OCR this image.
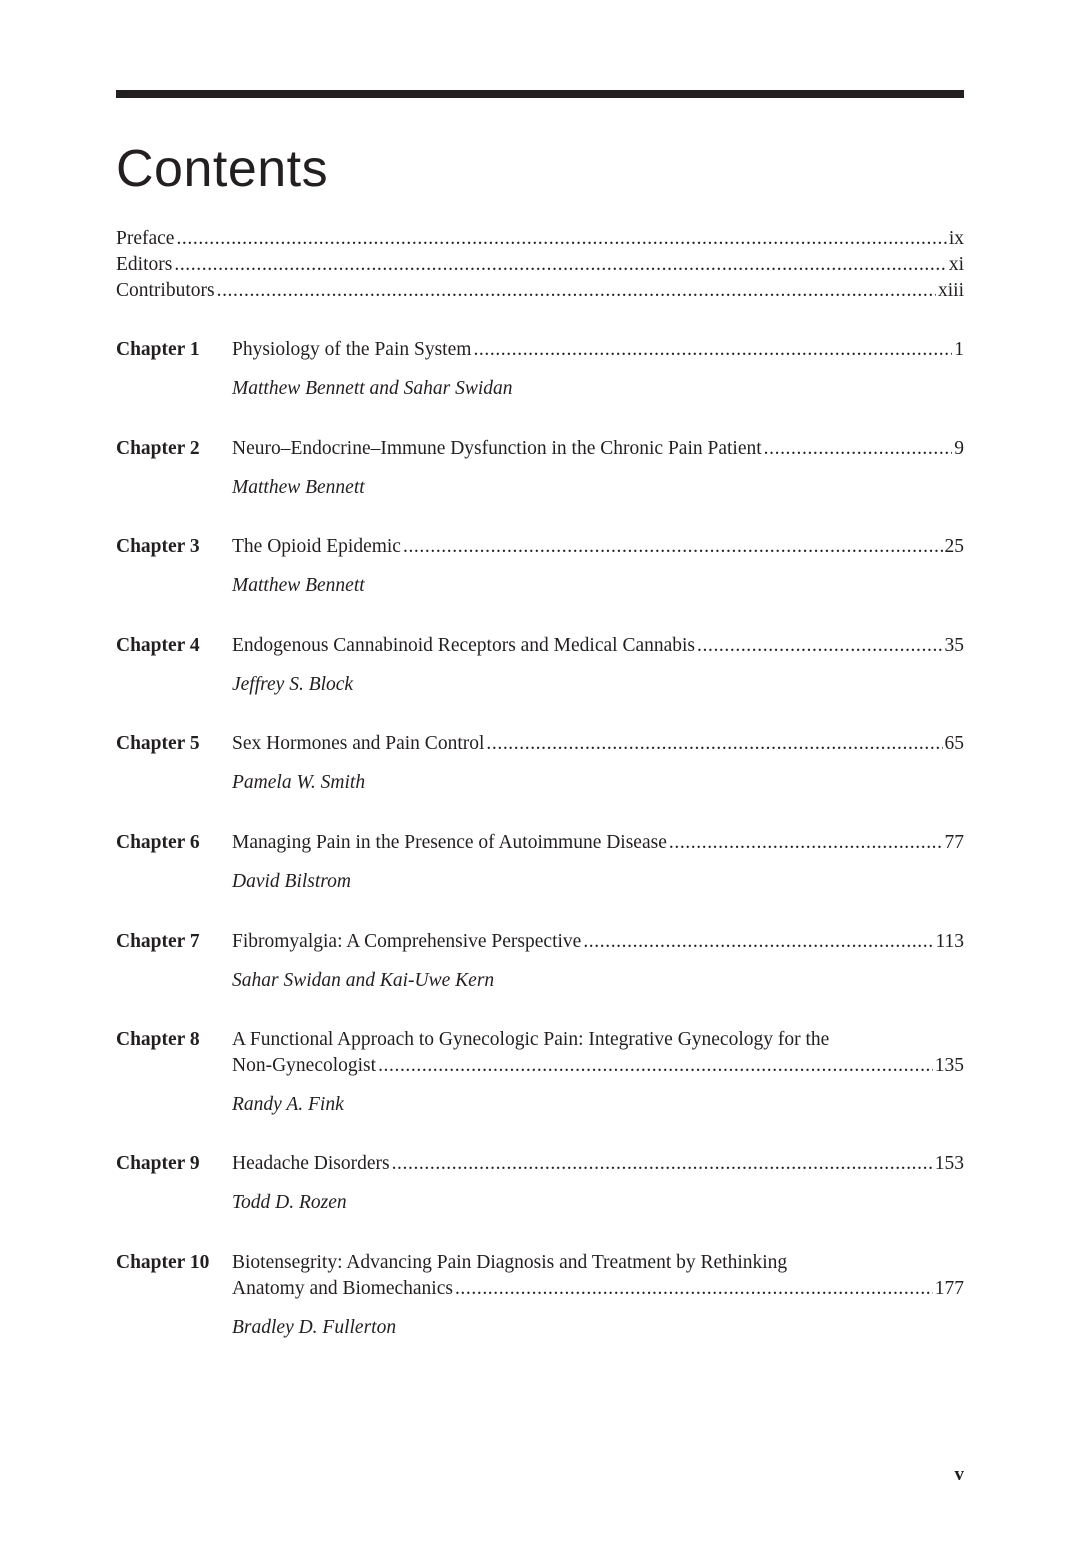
Contents
Preface .....	ix
Editors .....	xi
Contributors .....	xiii
Chapter 1 Physiology of the Pain System .....	1
Matthew Bennett and Sahar Swidan
Chapter 2 Neuro–Endocrine–Immune Dysfunction in the Chronic Pain Patient .....	9
Matthew Bennett
Chapter 3 The Opioid Epidemic .....	25
Matthew Bennett
Chapter 4 Endogenous Cannabinoid Receptors and Medical Cannabis .....	35
Jeffrey S. Block
Chapter 5 Sex Hormones and Pain Control .....	65
Pamela W. Smith
Chapter 6 Managing Pain in the Presence of Autoimmune Disease .....	77
David Bilstrom
Chapter 7 Fibromyalgia: A Comprehensive Perspective .....	113
Sahar Swidan and Kai-Uwe Kern
Chapter 8 A Functional Approach to Gynecologic Pain: Integrative Gynecology for the
Non-Gynecologist .....	135
Randy A. Fink
Chapter 9 Headache Disorders .....	153
Todd D. Rozen
Chapter 10 Biotensegrity: Advancing Pain Diagnosis and Treatment by Rethinking
Anatomy and Biomechanics .....	177
Bradley D. Fullerton
v
